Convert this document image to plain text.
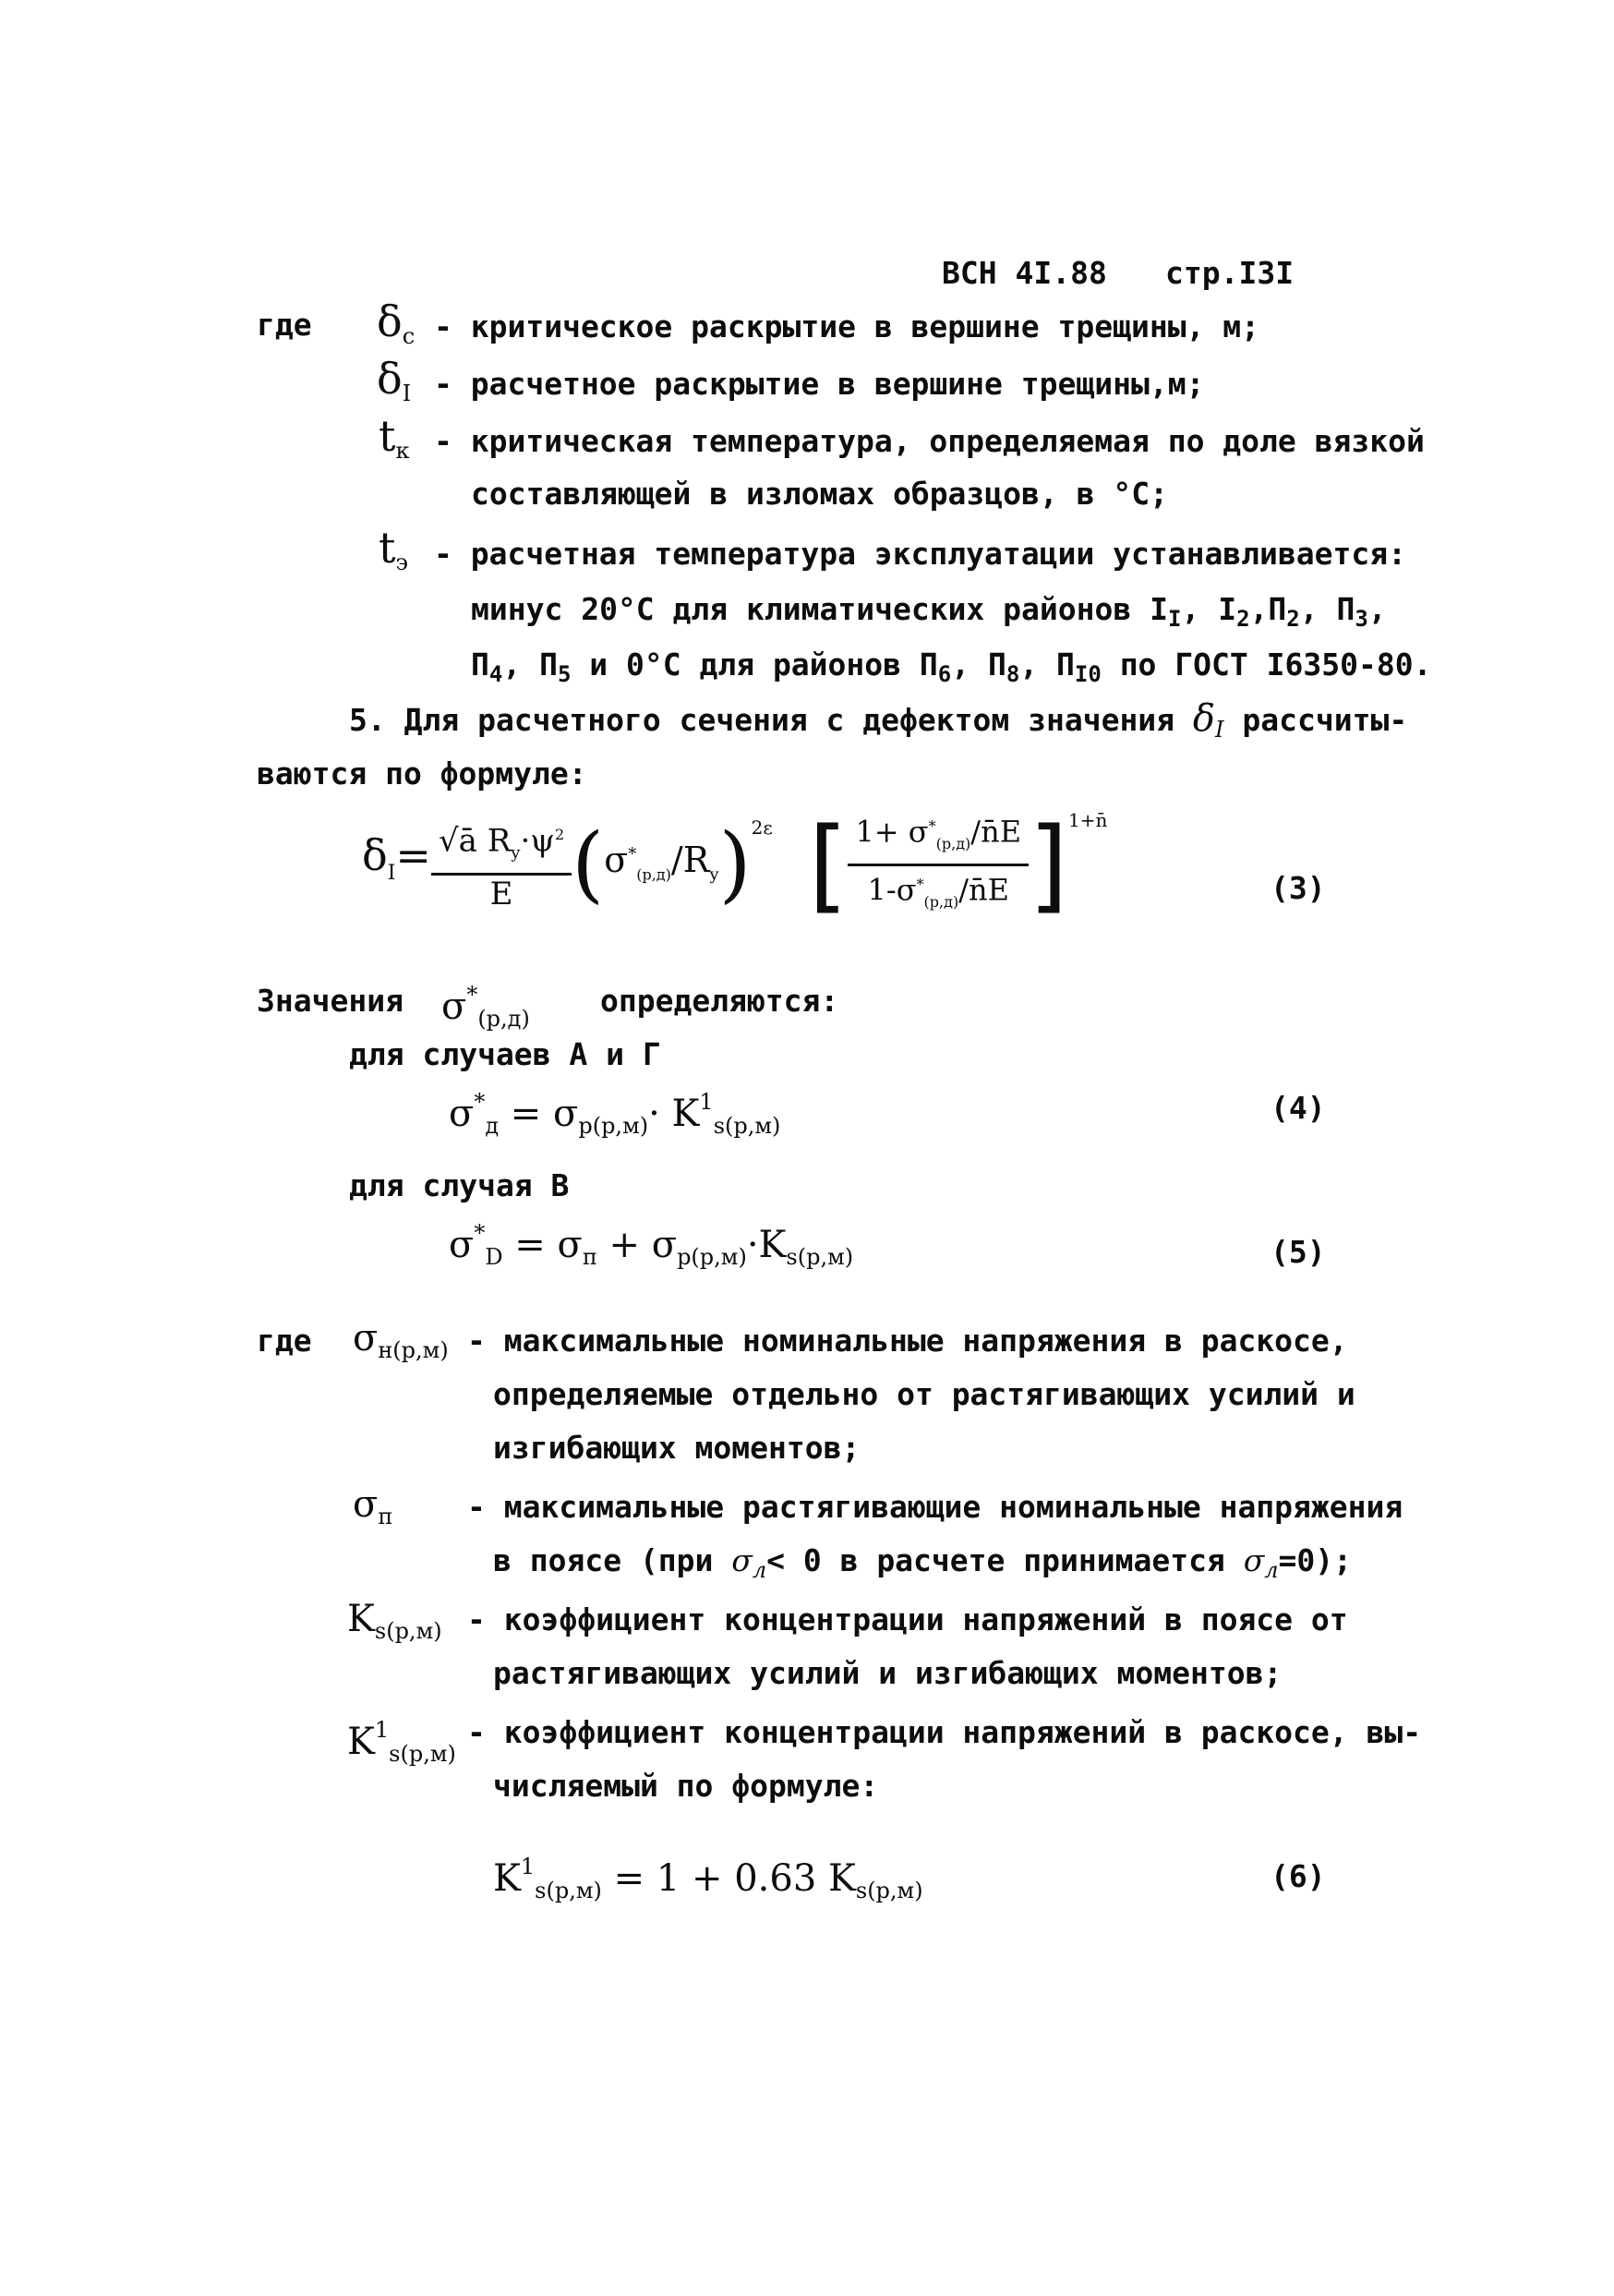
ВСН 4I.88 стр.I3I
где $\delta_c$ - критическое раскрытие в вершине трещины, м;
$\delta_I$ - расчетное раскрытие в вершине трещины,м;
$t_к$ - критическая температура, определяемая по доле вязкой
составляющей в изломах образцов, в °С;
$t_э$ - расчетная температура эксплуатации устанавливается:
минус 20°С для климатических районов $I_I$, $I_2,П_2$, $П_3$,
$П_4$, $П_5$ и 0°С для районов $П_6$, $П_8$, $П_{I0}$ по ГОСТ I6350-80.
5. Для расчетного сечения с дефектом значения $\delta_I$ рассчиты-
ваются по формуле:
$\delta_I= \frac{√ā R_y\cdot\psi^2}{E} (\sigma^*_{(р,д)}/R_y)^{2\varepsilon}$ [ $\frac{1+ \sigma^*_{(р,д)}/n̄E}{1-\sigma^*_{(р,д)}/n̄E} ]^{1+n̄}$
(3)
Значения $\sigma^*_{(р,д)}$ определяются:
для случаев А и Г
$\sigma^*_д = \sigma_{р(р,м)}\cdot K^1_{s(р,м)}$	(4)
для случая В
$\sigma^*_D = \sigma_п + \sigma_{р(р,м)}\cdot K_{s(р,м)}$	(5)
где $\sigma_{н(р,м)}$ - максимальные номинальные напряжения в раскосе,
определяемые отдельно от растягивающих усилий и
изгибающих моментов;
$\sigma_п$ - максимальные растягивающие номинальные напряжения
в поясе (при $\sigma_л< 0$ в расчете принимается $\sigma_л=0$);
$K_{s(р,м)}$ - коэффициент концентрации напряжений в поясе от
растягивающих усилий и изгибающих моментов;
$K^1_{s(р,м)}$
- коэффициент концентрации напряжений в раскосе, вы-
числяемый по формуле:
$K^1_{s(р,м)} = 1 + 0.63$ $K_{s(р,м)}$	(6)
